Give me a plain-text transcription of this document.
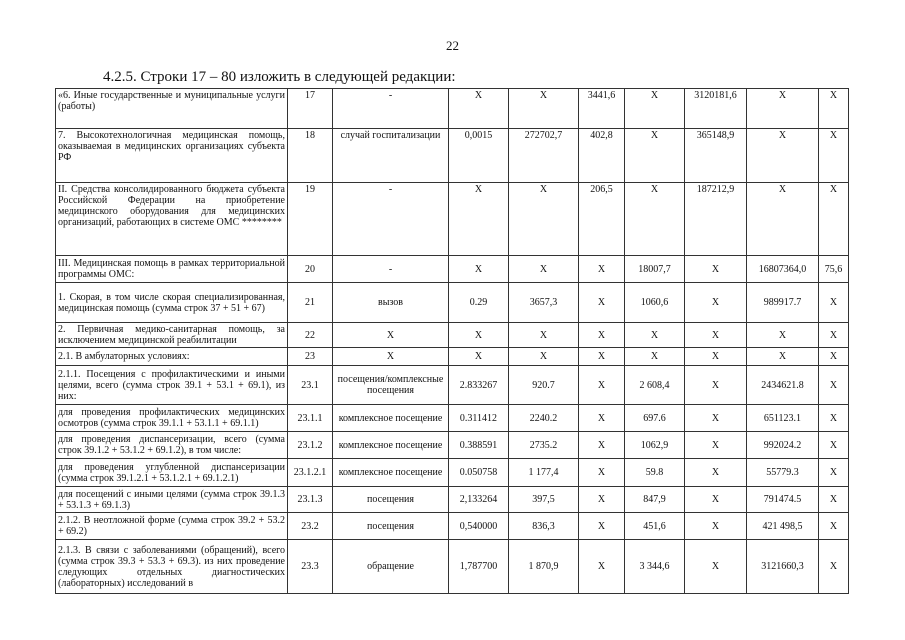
22
4.2.5. Строки 17 – 80 изложить в следующей редакции:
«6. Иные государственные и муниципальные услуги (работы)	17	-	X	X	3441,6	X	3120181,6	X	X
7. Высокотехнологичная медицинская помощь, оказываемая в медицинских организациях субъекта РФ	18	случай госпитализации	0,0015	272702,7	402,8	X	365148,9	X	X
II. Средства консолидированного бюджета субъекта Российской Федерации на приобретение медицинского оборудования для медицинских организаций, работающих в системе ОМС ********	19	-	X	X	206,5	X	187212,9	X	X
III. Медицинская помощь в рамках территориальной программы ОМС:	20	-	X	X	X	18007,7	X	16807364,0	75,6
1. Скорая, в том числе скорая специализированная, медицинская помощь (сумма строк 37 + 51 + 67)	21	вызов	0.29	3657,3	X	1060,6	X	989917.7	X
2. Первичная медико-санитарная помощь, за исключением медицинской реабилитации	22	X	X	X	X	X	X	X	X
2.1. В амбулаторных условиях:	23	X	X	X	X	X	X	X	X
2.1.1. Посещения с профилактическими и иными целями, всего (сумма строк 39.1 + 53.1 + 69.1), из них:	23.1	посещения/комплексные посещения	2.833267	920.7	X	2 608,4	X	2434621.8	X
для проведения профилактических медицинских осмотров (сумма строк 39.1.1 + 53.1.1 + 69.1.1)	23.1.1	комплексное посещение	0.311412	2240.2	X	697.6	X	651123.1	X
для проведения диспансеризации, всего (сумма строк 39.1.2 + 53.1.2 + 69.1.2), в том числе:	23.1.2	комплексное посещение	0.388591	2735.2	X	1062,9	X	992024.2	X
для проведения углубленной диспансеризации (сумма строк 39.1.2.1 + 53.1.2.1 + 69.1.2.1)	23.1.2.1	комплексное посещение	0.050758	1 177,4	X	59.8	X	55779.3	X
для посещений с иными целями (сумма строк 39.1.3 + 53.1.3 + 69.1.3)	23.1.3	посещения	2,133264	397,5	X	847,9	X	791474.5	X
2.1.2. В неотложной форме (сумма строк 39.2 + 53.2 + 69.2)	23.2	посещения	0,540000	836,3	X	451,6	X	421 498,5	X
2.1.3. В связи с заболеваниями (обращений), всего (сумма строк 39.3 + 53.3 + 69.3). из них проведение следующих отдельных диагностических (лабораторных) исследований в	23.3	обращение	1,787700	1 870,9	X	3 344,6	X	3121660,3	X
